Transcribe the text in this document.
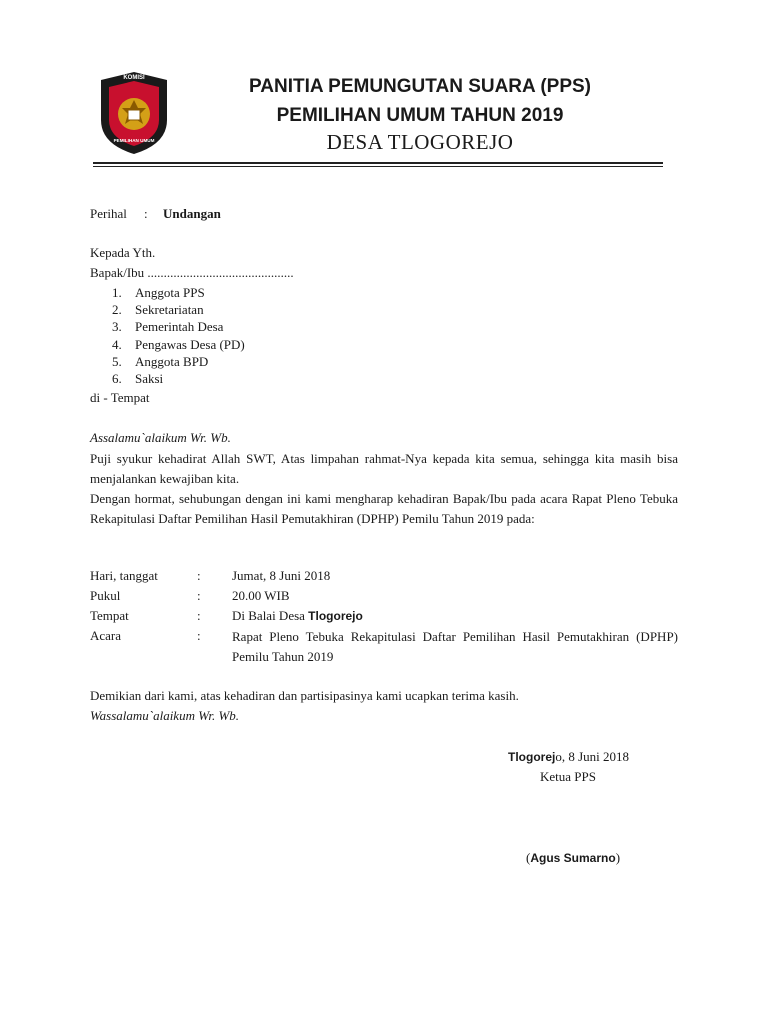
KOMISI
PEMILIHAN UMUM
PANITIA PEMUNGUTAN SUARA (PPS)
PEMILIHAN UMUM TAHUN 2019
DESA TLOGOREJO
Perihal : Undangan
Kepada Yth.
Bapak/Ibu .............................................
1. Anggota PPS
2. Sekretariatan
3. Pemerintah Desa
4. Pengawas Desa (PD)
5. Anggota BPD
6. Saksi
di - Tempat
Assalamu`alaikum Wr. Wb.
Puji syukur kehadirat Allah SWT, Atas limpahan rahmat-Nya kepada kita semua, sehingga kita masih bisa menjalankan kewajiban kita.
Dengan hormat, sehubungan dengan ini kami mengharap kehadiran Bapak/Ibu pada acara Rapat Pleno Tebuka Rekapitulasi Daftar Pemilihan Hasil Pemutakhiran (DPHP) Pemilu Tahun 2019 pada:
Hari, tanggat	: Jumat, 8 Juni 2018
Pukul	: 20.00 WIB
Tempat	: Di Balai Desa Tlogorejo
Acara	: Rapat Pleno Tebuka Rekapitulasi Daftar Pemilihan Hasil Pemutakhiran (DPHP) Pemilu Tahun 2019
Demikian dari kami, atas kehadiran dan partisipasinya kami ucapkan terima kasih.
Wassalamu`alaikum Wr. Wb.
Tlogorejo, 8 Juni 2018
Ketua PPS
(Agus Sumarno)
